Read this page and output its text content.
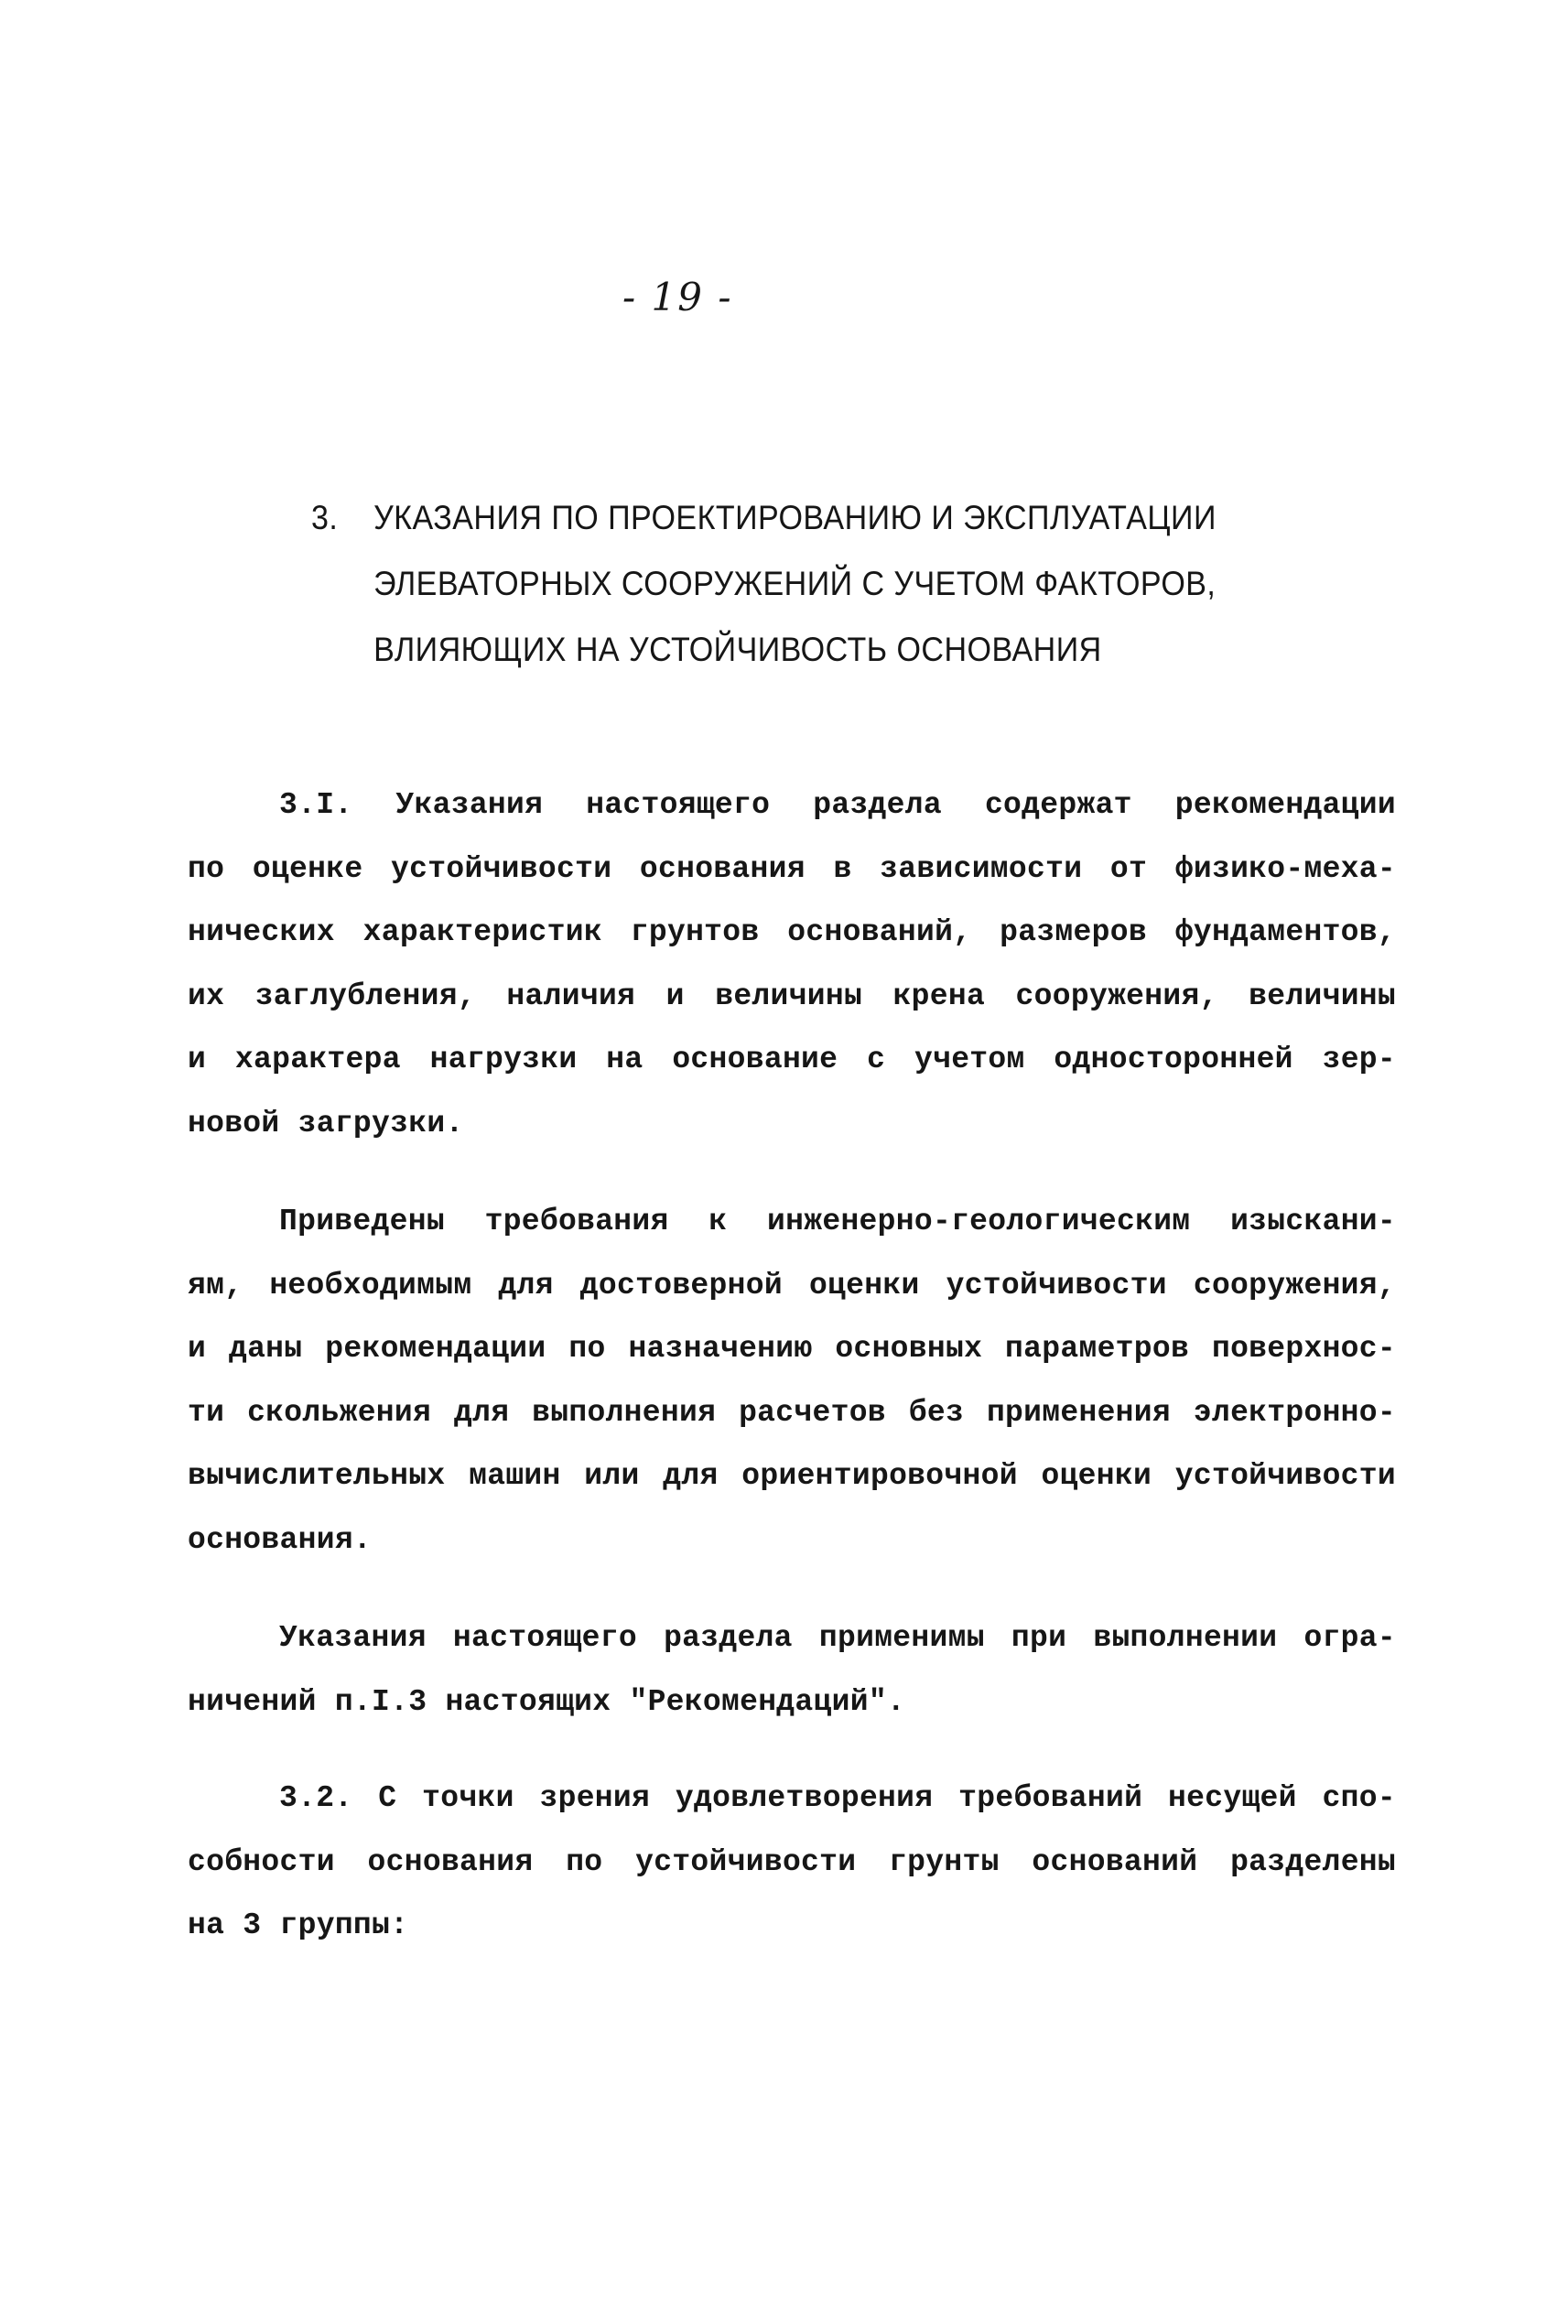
- 19 -
3. УКАЗАНИЯ ПО ПРОЕКТИРОВАНИЮ И ЭКСПЛУАТАЦИИ
ЭЛЕВАТОРНЫХ СООРУЖЕНИЙ С УЧЕТОМ ФАКТОРОВ,
ВЛИЯЮЩИХ НА УСТОЙЧИВОСТЬ ОСНОВАНИЯ
3.I. Указания настоящего раздела содержат рекомендации
по оценке устойчивости основания в зависимости от физико-меха-
нических характеристик грунтов оснований, размеров фундаментов,
их заглубления, наличия и величины крена сооружения, величины
и характера нагрузки на основание с учетом односторонней зер-
новой загрузки.
Приведены требования к инженерно-геологическим изыскани-
ям, необходимым для достоверной оценки устойчивости сооружения,
и даны рекомендации по назначению основных параметров поверхнос-
ти скольжения для выполнения расчетов без применения электронно-
вычислительных машин или для ориентировочной оценки устойчивости
основания.
Указания настоящего раздела применимы при выполнении огра-
ничений п.I.3 настоящих "Рекомендаций".
3.2. С точки зрения удовлетворения требований несущей спо-
собности основания по устойчивости грунты оснований разделены
на 3 группы:
